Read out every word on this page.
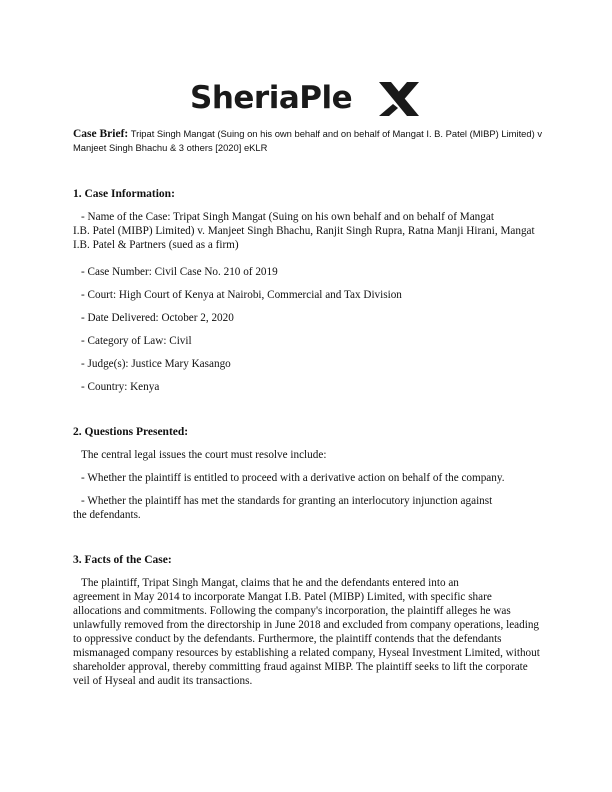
SheriaPle
Case Brief: Tripat Singh Mangat (Suing on his own behalf and on behalf of Mangat I. B. Patel (MIBP) Limited) v Manjeet Singh Bhachu & 3 others [2020] eKLR
1. Case Information:
- Name of the Case: Tripat Singh Mangat (Suing on his own behalf and on behalf of Mangat
I.B. Patel (MIBP) Limited) v. Manjeet Singh Bhachu, Ranjit Singh Rupra, Ratna Manji Hirani, Mangat I.B. Patel & Partners (sued as a firm)
- Case Number: Civil Case No. 210 of 2019
- Court: High Court of Kenya at Nairobi, Commercial and Tax Division
- Date Delivered: October 2, 2020
- Category of Law: Civil
- Judge(s): Justice Mary Kasango
- Country: Kenya
2. Questions Presented:
The central legal issues the court must resolve include:
- Whether the plaintiff is entitled to proceed with a derivative action on behalf of the company.
- Whether the plaintiff has met the standards for granting an interlocutory injunction against
the defendants.
3. Facts of the Case:
The plaintiff, Tripat Singh Mangat, claims that he and the defendants entered into an
agreement in May 2014 to incorporate Mangat I.B. Patel (MIBP) Limited, with specific share allocations and commitments. Following the company's incorporation, the plaintiff alleges he was unlawfully removed from the directorship in June 2018 and excluded from company operations, leading to oppressive conduct by the defendants. Furthermore, the plaintiff contends that the defendants mismanaged company resources by establishing a related company, Hyseal Investment Limited, without shareholder approval, thereby committing fraud against MIBP. The plaintiff seeks to lift the corporate veil of Hyseal and audit its transactions.
